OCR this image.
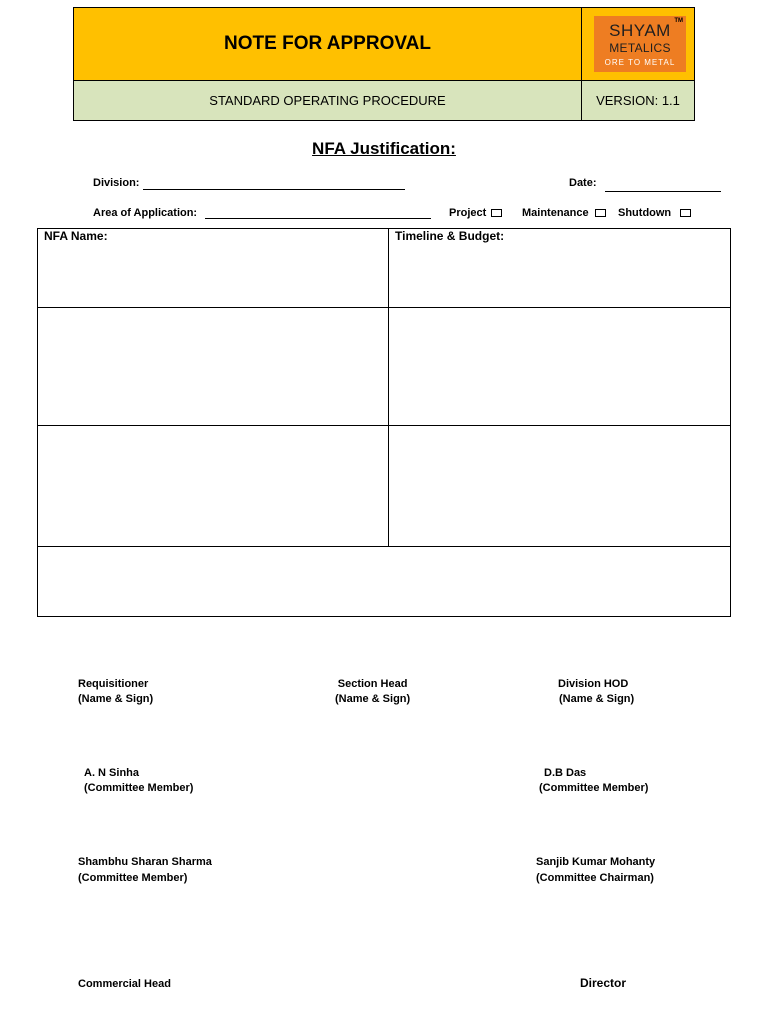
NOTE FOR APPROVAL
TM
SHYAM
METALICS
ORE TO METAL
STANDARD OPERATING PROCEDURE	VERSION: 1.1
NFA Justification:
Division:	Date:
Area of Application:	Project	Maintenance	Shutdown
NFA Name:	Timeline & Budget:
Requisitioner
(Name & Sign)
Section Head
(Name & Sign)
Division HOD
(Name & Sign)
A. N Sinha
(Committee Member)
D.B Das
(Committee Member)
Shambhu Sharan Sharma
(Committee Member)
Sanjib Kumar Mohanty
(Committee Chairman)
Commercial Head	Director
